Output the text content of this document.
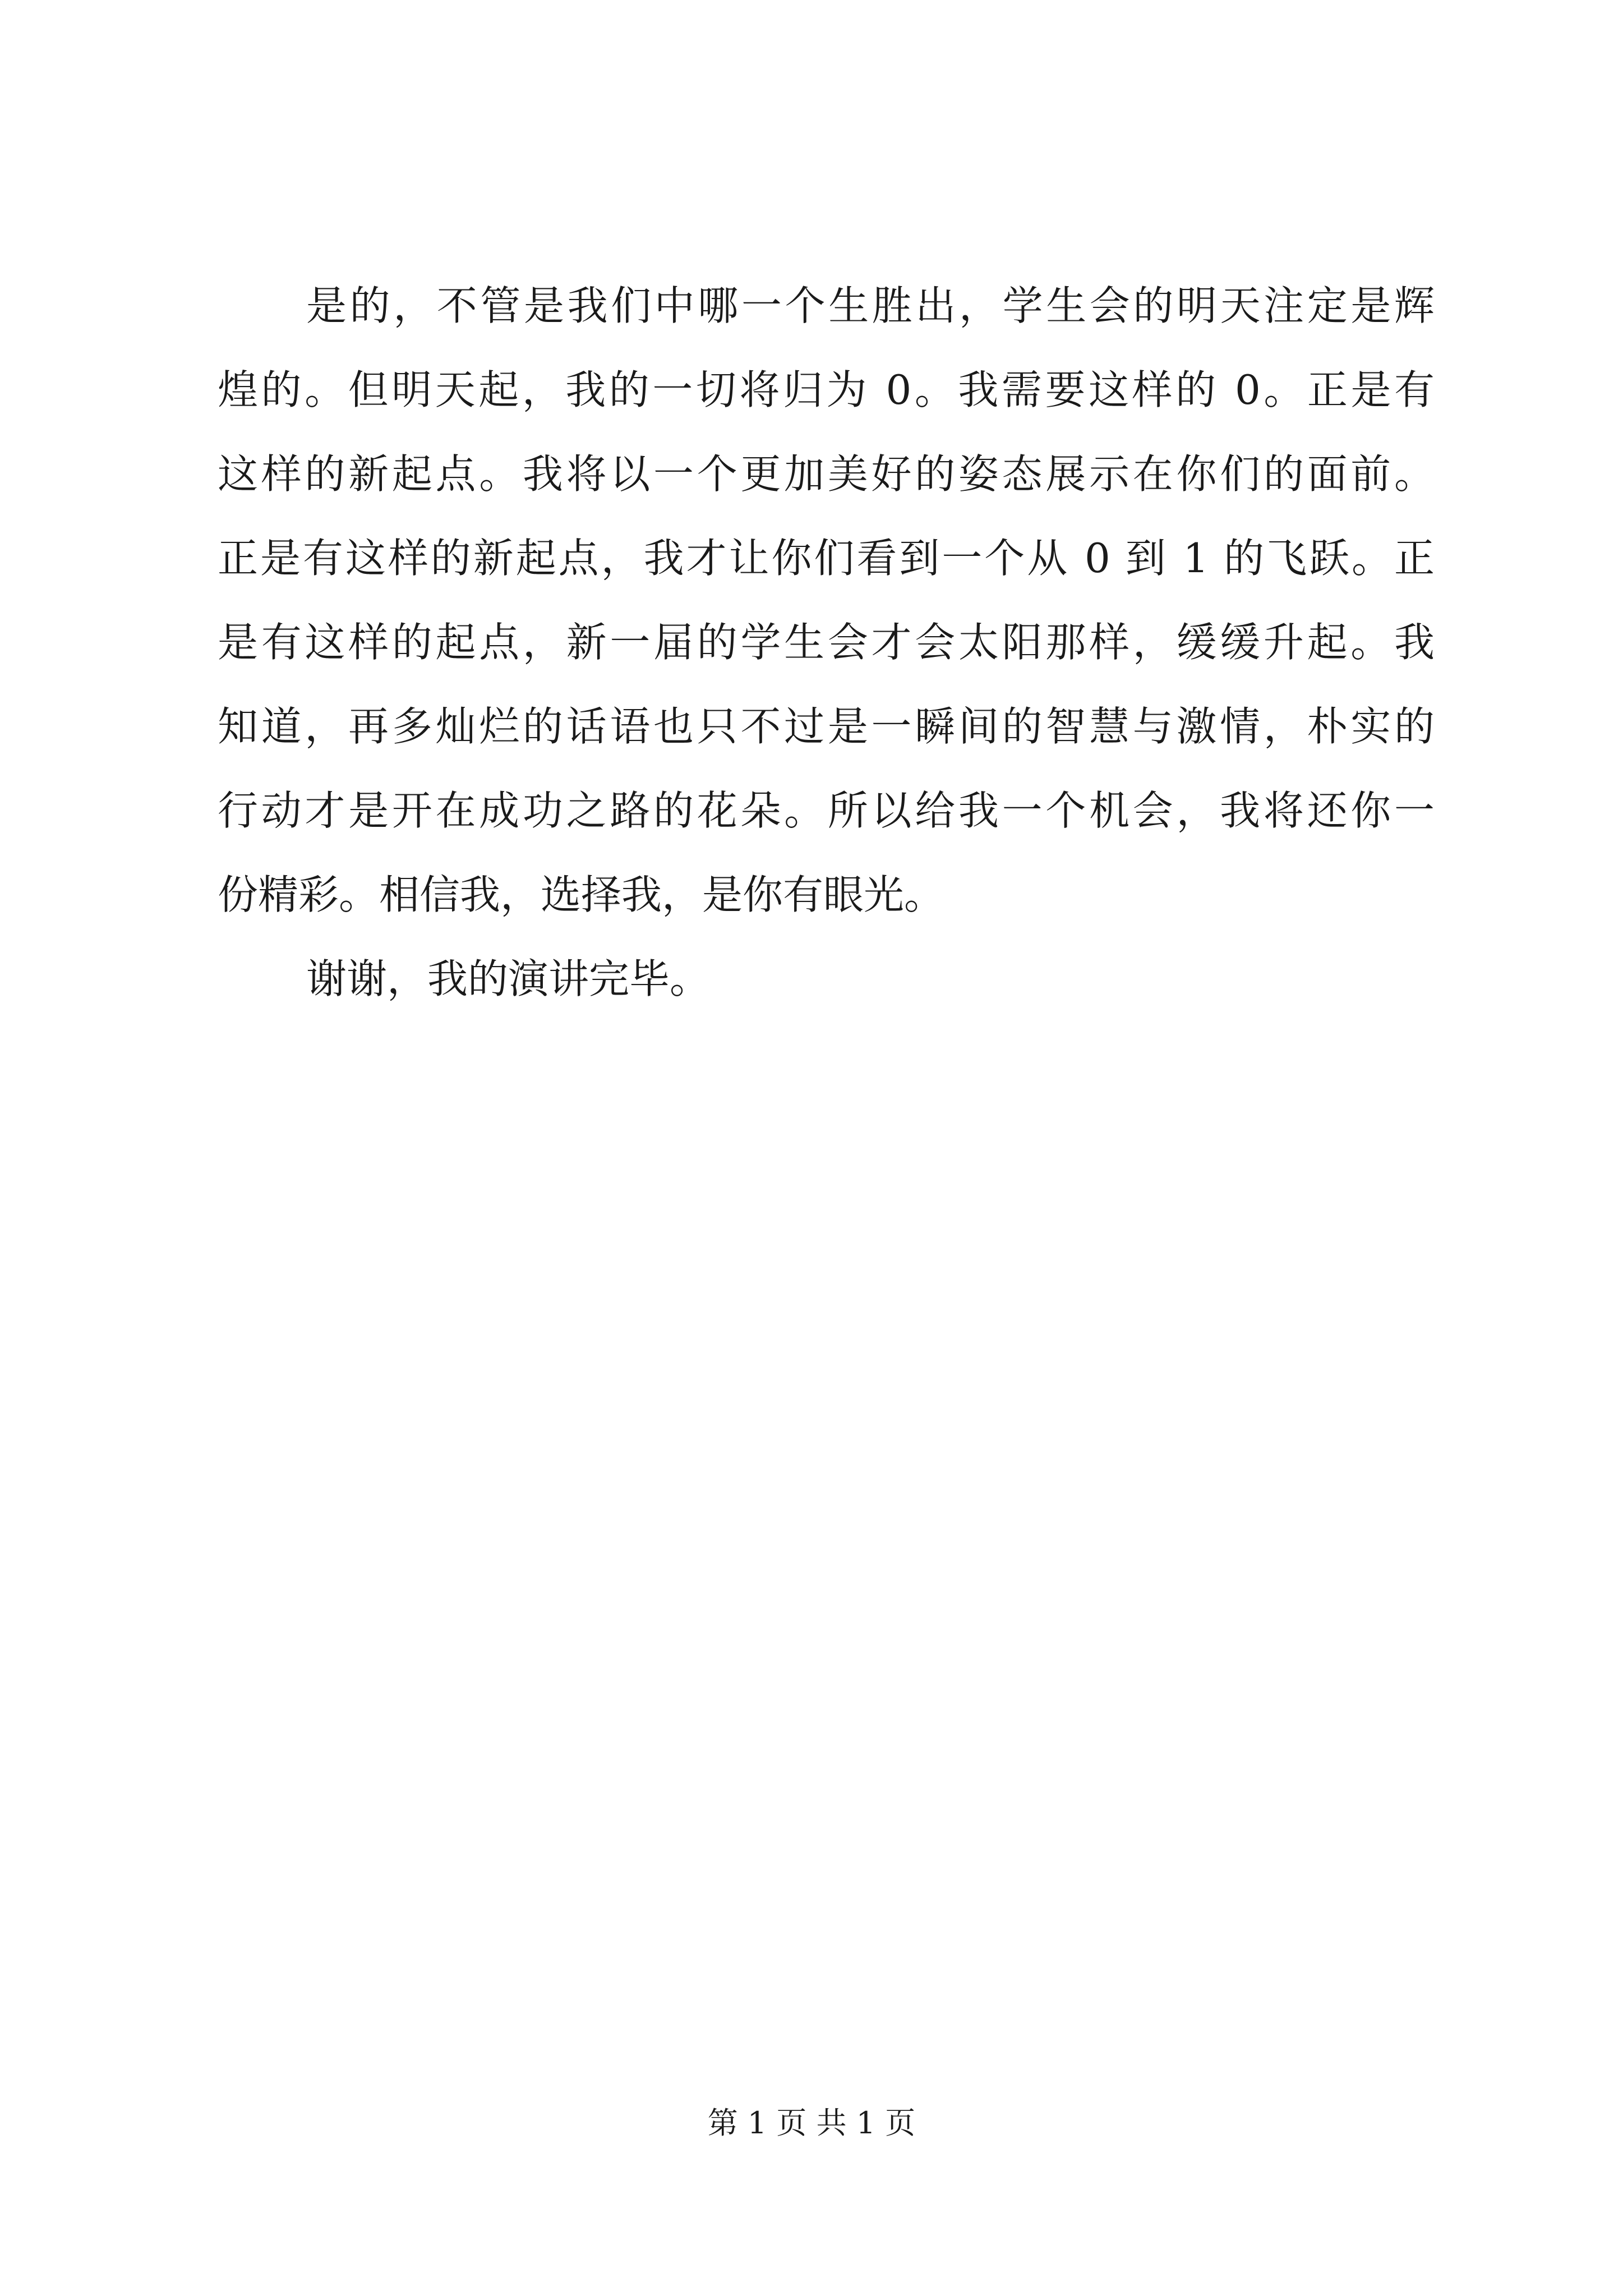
是的，不管是我们中哪一个生胜出，学生会的明天注定是辉
煌的。但明天起，我的一切将归为 0。我需要这样的 0。正是有
这样的新起点。我将以一个更加美好的姿态展示在你们的面前。
正是有这样的新起点，我才让你们看到一个从 0 到 1 的飞跃。正
是有这样的起点，新一届的学生会才会太阳那样，缓缓升起。我
知道，再多灿烂的话语也只不过是一瞬间的智慧与激情，朴实的
行动才是开在成功之路的花朵。所以给我一个机会，我将还你一
份精彩。相信我，选择我，是你有眼光。
谢谢，我的演讲完毕。
第 1 页 共 1 页
